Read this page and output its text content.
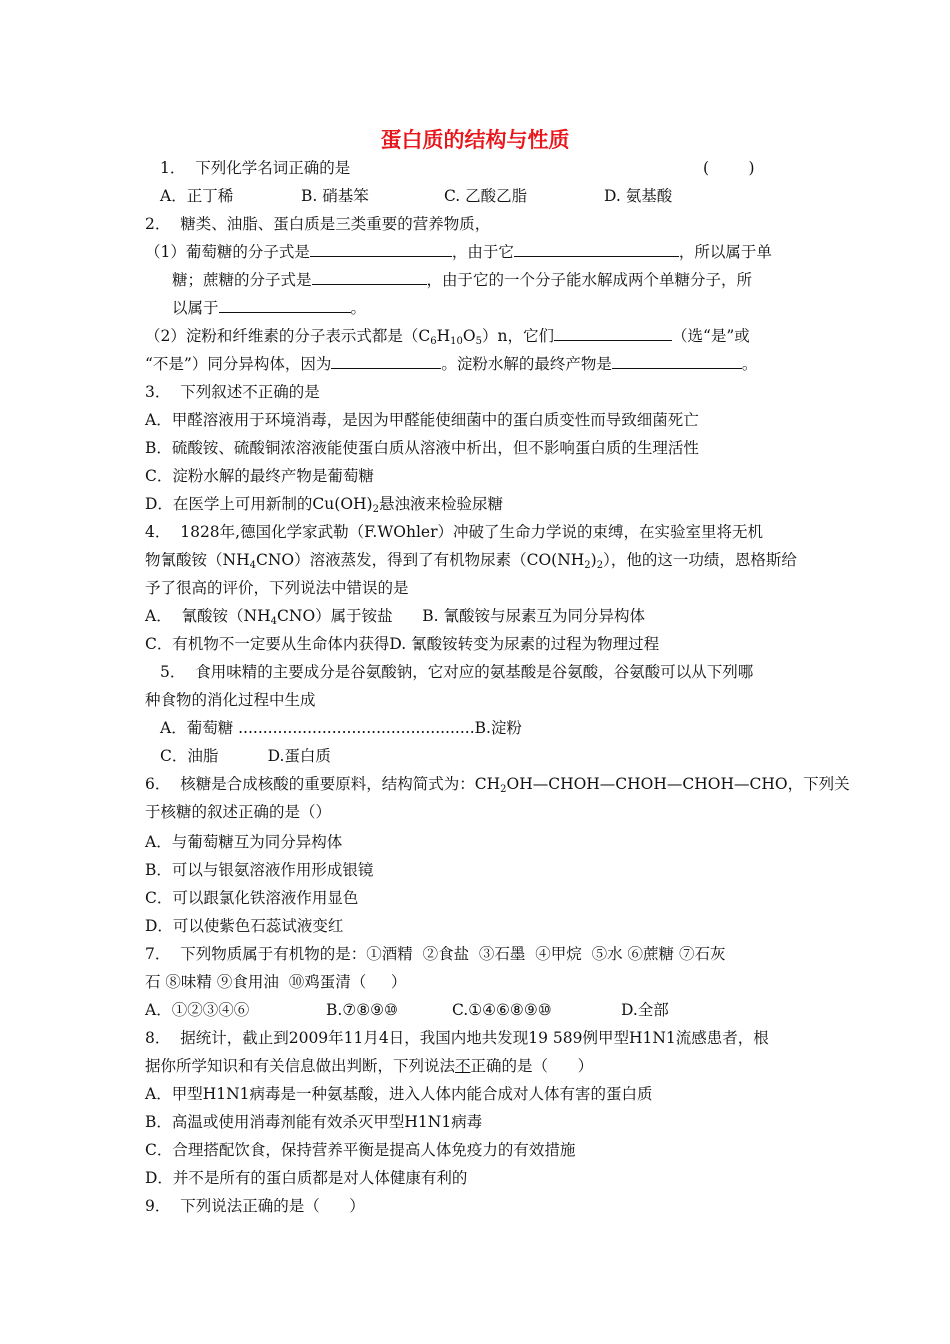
蛋白质的结构与性质
1．  下列化学名词正确的是	(        )
A．正丁稀	B. 硝基笨	C. 乙酸乙脂	D. 氨基酸
2．  糖类、油脂、蛋白质是三类重要的营养物质，
（1）葡萄糖的分子式是	，由于它	，所以属于单
糖；蔗糖的分子式是	，由于它的一个分子能水解成两个单糖分子，所
以属于	。
（2）淀粉和纤维素的分子表示式都是$(C_6H_{10}O_5)n$，它们	（选“是”或
“不是”）同分异构体，因为	。淀粉水解的最终产物是	。
3．  下列叙述不正确的是
A．甲醛溶液用于环境消毒，是因为甲醛能使细菌中的蛋白质变性而导致细菌死亡
B．硫酸铵、硫酸铜浓溶液能使蛋白质从溶液中析出，但不影响蛋白质的生理活性
C．淀粉水解的最终产物是葡萄糖
D．在医学上可用新制的$Cu(OH)_2$悬浊液来检验尿糖
4．  1828年,德国化学家武勒（F.WOhler）冲破了生命力学说的束缚，在实验室里将无机
物氰酸铵$(NH_4CNO)$溶液蒸发，得到了有机物尿素$(CO(NH_2)_2)$，他的这一功绩，恩格斯给
予了很高的评价，下列说法中错误的是
A．  氰酸铵$(NH_4CNO)$属于铵盐      B. 氰酸铵与尿素互为同分异构体
C．有机物不一定要从生命体内获得D. 氰酸铵转变为尿素的过程为物理过程
5．  食用味精的主要成分是谷氨酸钠，它对应的氨基酸是谷氨酸，谷氨酸可以从下列哪
种食物的消化过程中生成
A．葡萄糖 ................................................B.淀粉
C．油脂          D.蛋白质
6．  核糖是合成核酸的重要原料，结构简式为：$CH_2OH—CHOH—CHOH—CHOH—CHO$，下列关
于核糖的叙述正确的是（）
A．与葡萄糖互为同分异构体
B．可以与银氨溶液作用形成银镜
C．可以跟氯化铁溶液作用显色
D．可以使紫色石蕊试液变红
7．  下列物质属于有机物的是：①酒精  ②食盐  ③石墨  ④甲烷  ⑤水 ⑥蔗糖 ⑦石灰
石 ⑧味精 ⑨食用油  ⑩鸡蛋清（     ）
A．①②③④⑥	B.⑦⑧⑨⑩	C.①④⑥⑧⑨⑩	D.全部
8．  据统计，截止到2009年11月4日，我国内地共发现19 589例甲型H1N1流感患者，根
据你所学知识和有关信息做出判断，下列说法不正确的是（      ）
A．甲型H1N1病毒是一种氨基酸，进入人体内能合成对人体有害的蛋白质
B．高温或使用消毒剂能有效杀灭甲型H1N1病毒
C．合理搭配饮食，保持营养平衡是提高人体免疫力的有效措施
D．并不是所有的蛋白质都是对人体健康有利的
9．  下列说法正确的是（      ）
